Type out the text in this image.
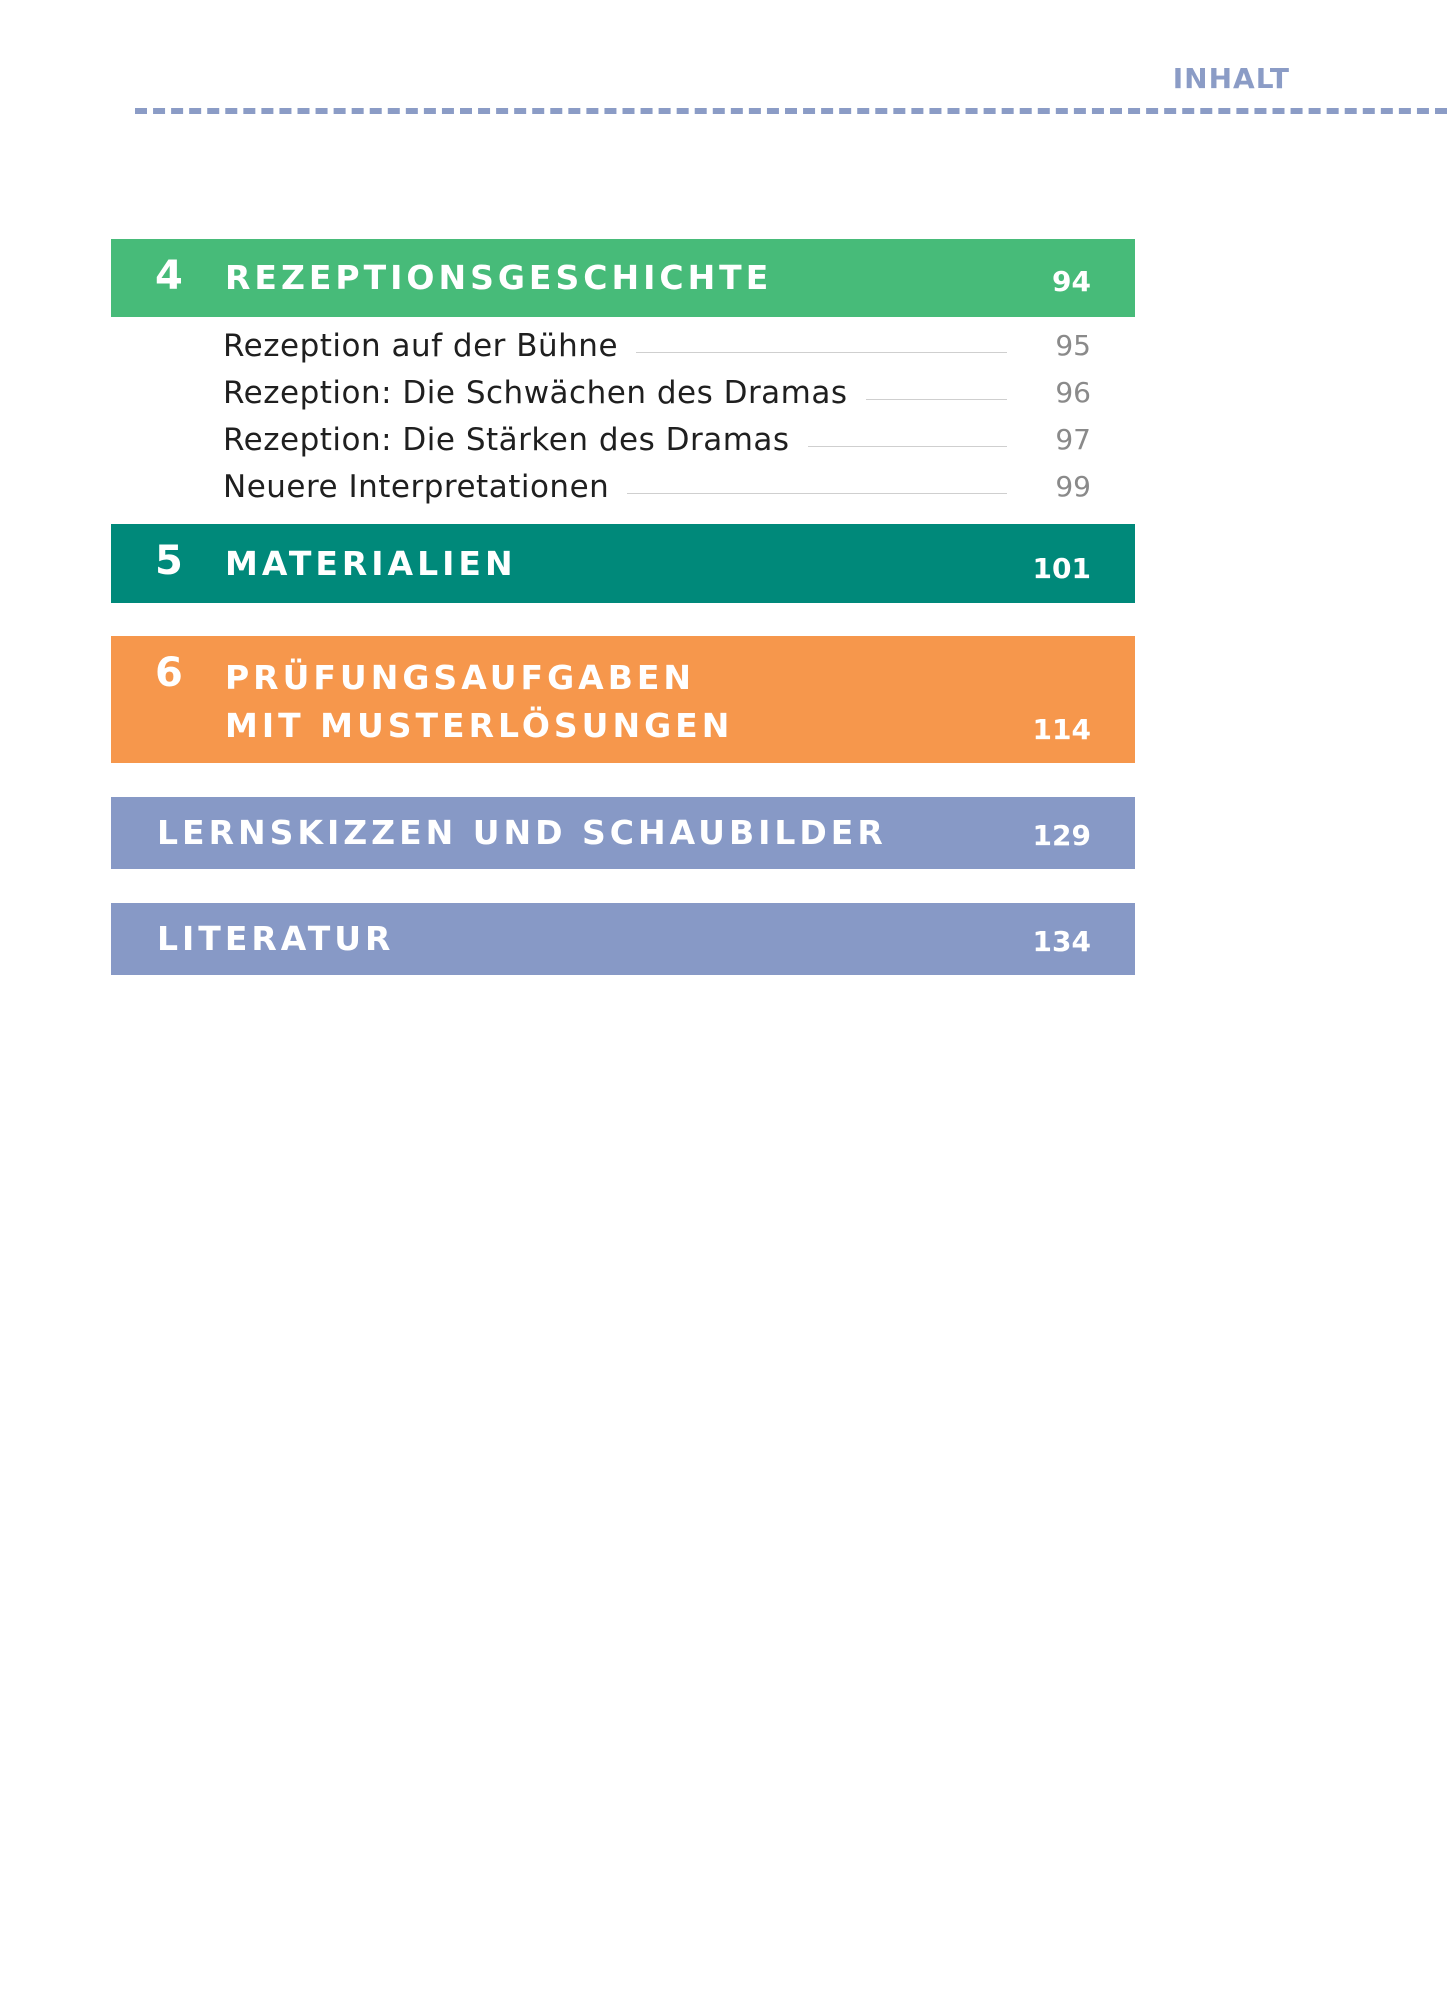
INHALT
4 REZEPTIONSGESCHICHTE	94
Rezeption auf der Bühne	95
Rezeption: Die Schwächen des Dramas	96
Rezeption: Die Stärken des Dramas	97
Neuere Interpretationen	99
5 MATERIALIEN	101
6 PRÜFUNGSAUFGABEN
MIT MUSTERLÖSUNGEN	114
LERNSKIZZEN UND SCHAUBILDER	129
LITERATUR	134
